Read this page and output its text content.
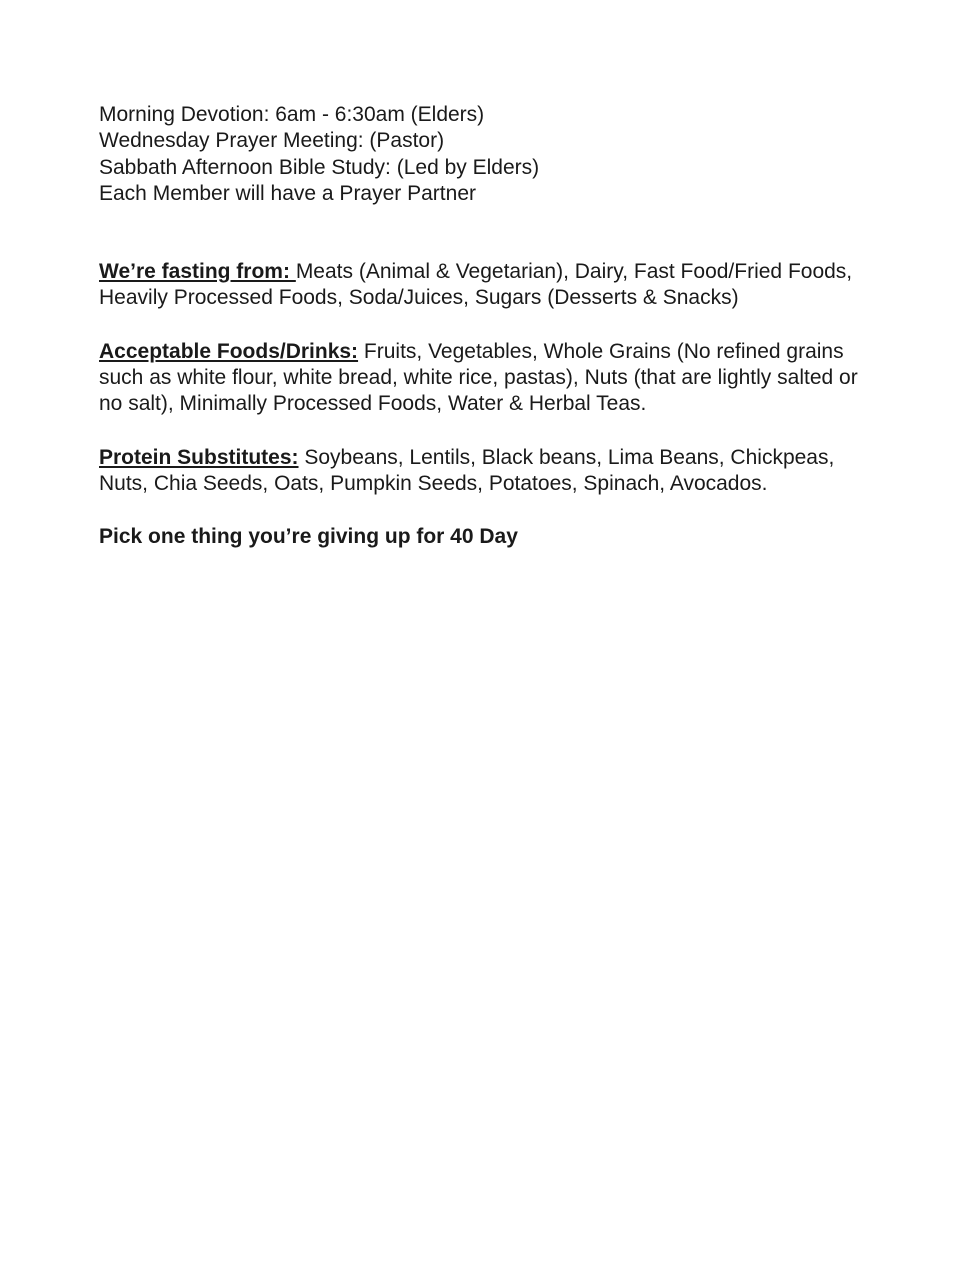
Morning Devotion: 6am - 6:30am (Elders)
Wednesday Prayer Meeting: (Pastor)
Sabbath Afternoon Bible Study: (Led by Elders)
Each Member will have a Prayer Partner

We’re fasting from: Meats (Animal & Vegetarian), Dairy, Fast Food/Fried Foods, Heavily Processed Foods, Soda/Juices, Sugars (Desserts & Snacks)

Acceptable Foods/Drinks: Fruits, Vegetables, Whole Grains (No refined grains such as white flour, white bread, white rice, pastas), Nuts (that are lightly salted or no salt), Minimally Processed Foods, Water & Herbal Teas.

Protein Substitutes: Soybeans, Lentils, Black beans, Lima Beans, Chickpeas, Nuts, Chia Seeds, Oats, Pumpkin Seeds, Potatoes, Spinach, Avocados.

Pick one thing you’re giving up for 40 Day
